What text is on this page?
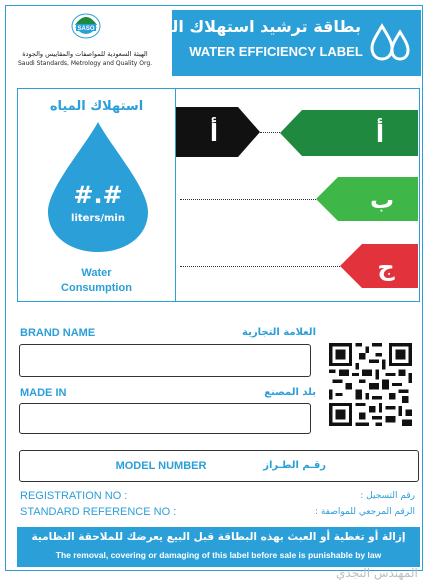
SASO
الهيئة السعودية للمواصفات والمقاييس والجودة
Saudi Standards, Metrology and Quality Org.
بطاقة ترشيد استهلاك المياه
WATER EFFICIENCY LABEL
استهلاك المياه
#.#
liters/min
Water
Consumption
أ	أ
ب
ج
BRAND NAME	العلامة التجارية
MADE IN	بلد المصنع
MODEL NUMBER	رقـم الطـراز
REGISTRATION NO :	رقم التسجيل :
STANDARD REFERENCE NO :	الرقم المرجعي للمواصفة :
إزالة أو تغطية أو العبث بهذه البطاقة قبل البيع يعرضك للملاحقة النظامية
The removal, covering or damaging of this label before sale is punishable by law
المهندس النجدي
